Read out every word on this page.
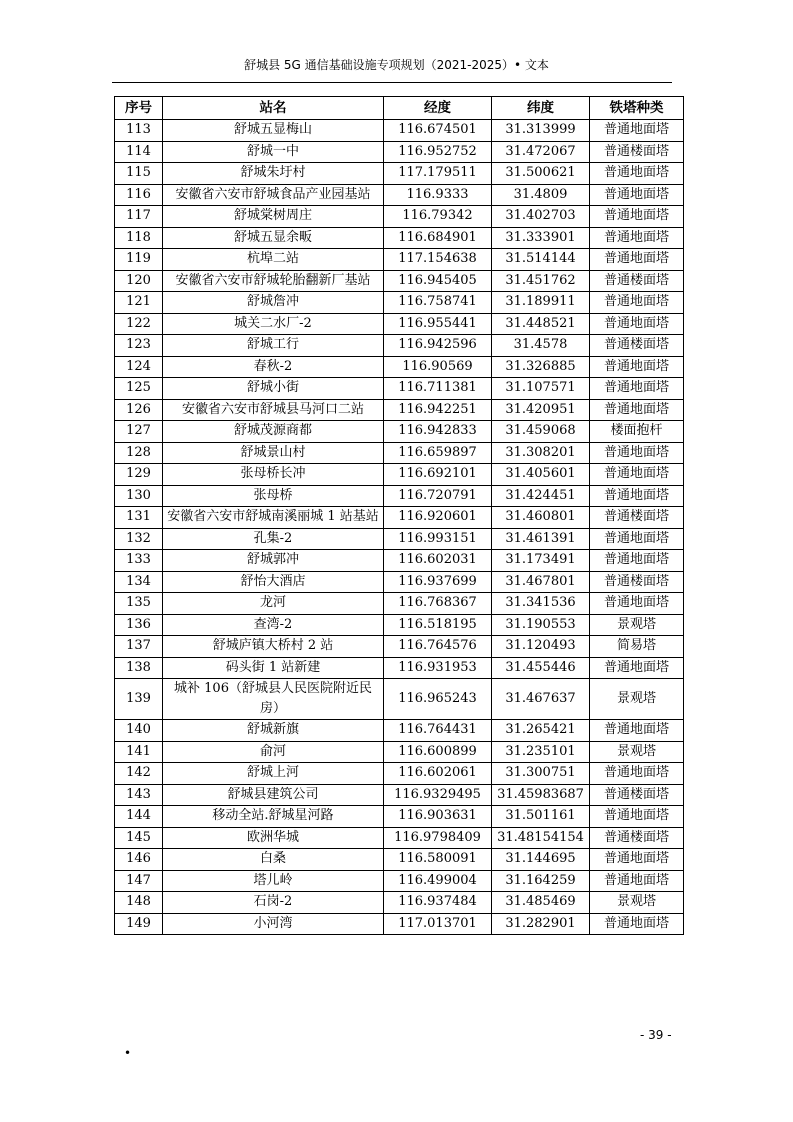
舒城县 5G 通信基础设施专项规划（2021-2025）• 文本
序号	站名	经度	纬度	铁塔种类
113	舒城五显梅山	116.674501	31.313999	普通地面塔
114	舒城一中	116.952752	31.472067	普通楼面塔
115	舒城朱圩村	117.179511	31.500621	普通地面塔
116	安徽省六安市舒城食品产业园基站	116.9333	31.4809	普通地面塔
117	舒城棠树周庄	116.79342	31.402703	普通地面塔
118	舒城五显余畈	116.684901	31.333901	普通地面塔
119	杭埠二站	117.154638	31.514144	普通地面塔
120	安徽省六安市舒城轮胎翻新厂基站	116.945405	31.451762	普通楼面塔
121	舒城詹冲	116.758741	31.189911	普通地面塔
122	城关二水厂-2	116.955441	31.448521	普通地面塔
123	舒城工行	116.942596	31.4578	普通楼面塔
124	春秋-2	116.90569	31.326885	普通地面塔
125	舒城小街	116.711381	31.107571	普通地面塔
126	安徽省六安市舒城县马河口二站	116.942251	31.420951	普通地面塔
127	舒城茂源商都	116.942833	31.459068	楼面抱杆
128	舒城景山村	116.659897	31.308201	普通地面塔
129	张母桥长冲	116.692101	31.405601	普通地面塔
130	张母桥	116.720791	31.424451	普通地面塔
131	安徽省六安市舒城南溪丽城 1 站基站	116.920601	31.460801	普通楼面塔
132	孔集-2	116.993151	31.461391	普通地面塔
133	舒城郭冲	116.602031	31.173491	普通地面塔
134	舒怡大酒店	116.937699	31.467801	普通楼面塔
135	龙河	116.768367	31.341536	普通地面塔
136	查湾-2	116.518195	31.190553	景观塔
137	舒城庐镇大桥村 2 站	116.764576	31.120493	简易塔
138	码头街 1 站新建	116.931953	31.455446	普通地面塔
139	城补 106（舒城县人民医院附近民房）	116.965243	31.467637	景观塔
140	舒城新旗	116.764431	31.265421	普通地面塔
141	俞河	116.600899	31.235101	景观塔
142	舒城上河	116.602061	31.300751	普通地面塔
143	舒城县建筑公司	116.9329495	31.45983687	普通楼面塔
144	移动全站.舒城星河路	116.903631	31.501161	普通地面塔
145	欧洲华城	116.9798409	31.48154154	普通楼面塔
146	白桑	116.580091	31.144695	普通地面塔
147	塔儿岭	116.499004	31.164259	普通地面塔
148	石岗-2	116.937484	31.485469	景观塔
149	小河湾	117.013701	31.282901	普通地面塔
- 39 -
•
